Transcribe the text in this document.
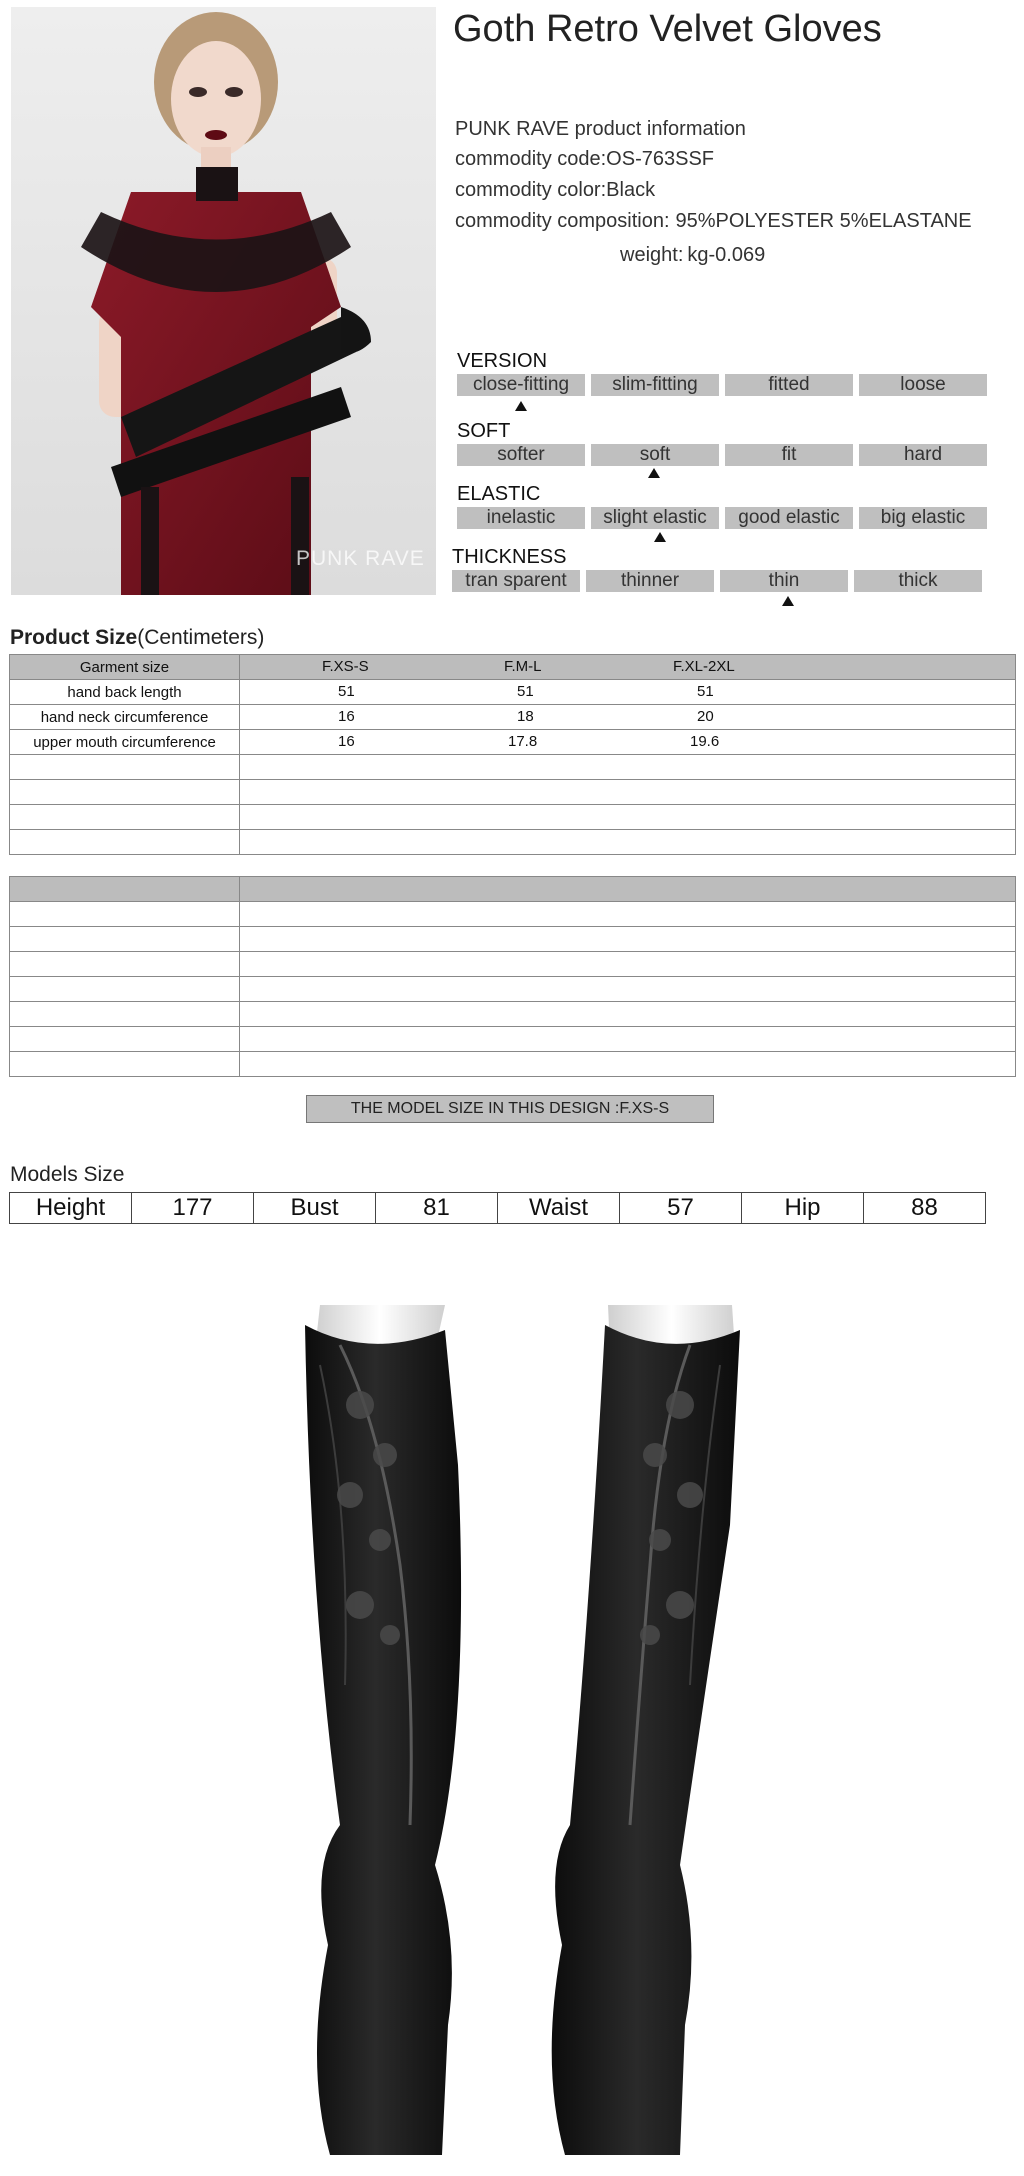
PUNK RAVE
Goth Retro Velvet Gloves
PUNK RAVE product information
commodity code:OS-763SSF
commodity color:Black
commodity composition: 95%POLYESTER 5%ELASTANE
weight: kg-0.069
VERSION
close-fitting	slim-fitting	fitted	loose
SOFT
softer	soft	fit	hard
ELASTIC
inelastic	slight elastic	good elastic	big elastic
THICKNESS
tran sparent	thinner	thin	thick
Product Size(Centimeters)
Garment size	F.XS-S F.M-L F.XL-2XL

hand back length	51 51 51

hand neck circumference	16 18 20

upper mouth circumference	16 17.8 19.6

THE MODEL SIZE IN THIS DESIGN :F.XS-S
Models Size
Height	177	Bust	81	Waist	57	Hip	88
